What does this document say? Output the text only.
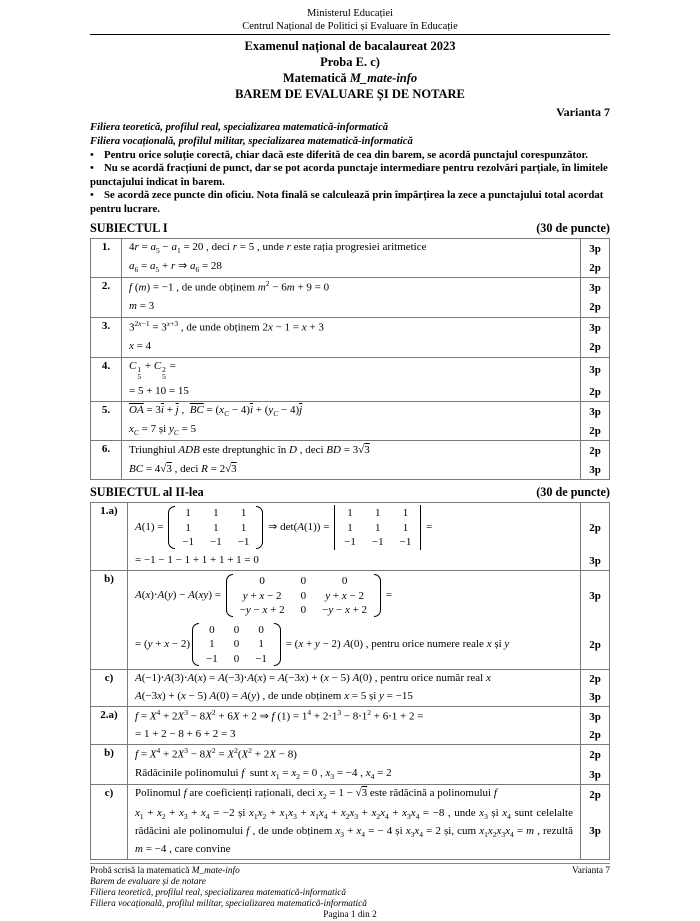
Ministerul Educației
Centrul Național de Politici și Evaluare în Educație
Examenul național de bacalaureat 2023
Proba E. c)
Matematică M_mate-info
BAREM DE EVALUARE ȘI DE NOTARE
Varianta 7
Filiera teoretică, profilul real, specializarea matematică-informatică
Filiera vocațională, profilul militar, specializarea matematică-informatică

• Pentru orice soluție corectă, chiar dacă este diferită de cea din barem, se acordă punctajul corespunzător.

• Nu se acordă fracțiuni de punct, dar se pot acorda punctaje intermediare pentru rezolvări parțiale, în limitele punctajului indicat în barem.

• Se acordă zece puncte din oficiu. Nota finală se calculează prin împărțirea la zece a punctajului total acordat pentru lucrare.

SUBIECTUL I	(30 de puncte)
1.	$4r = a_5 - a_1 = 20$ , deci r = 5 , unde r este rația progresiei aritmetice	3p
	$a_6 = a_5 + r$ ⇒ $a_6 = 28$	2p
2.	f (m) = −1 , de unde obținem $m^2 - 6m + 9 = 0$	3p
	m = 3	2p
3.	$3^{2x-1} = 3^{x+3}$ , de unde obținem 2x − 1 = x + 3	3p
	x = 4	2p
4.	C 1
5
+ C 2
5
=	3p
	= 5 + 10 = 15	2p
5.	$\overline{OA} = 3\overline{i} + \overline{j}$ ,  $\overline{BC} = (x_C - 4)\overline{i} + (y_C - 4)\overline{j}$	3p
	$x_C = 7$ și $y_C = 5$	2p
6.	Triunghiul ADB este dreptunghic în D , deci BD = 3√3	2p
	BC = 4√3 , deci R = 2√3	3p
SUBIECTUL al II-lea	(30 de puncte)
1.a)	A(1) =
1 1 1
1 1 1
−1 −1 −1
⇒ det(A(1)) =
1 1 1
1 1 1
−1 −1 −1
=	2p
	= −1 − 1 − 1 + 1 + 1 + 1 = 0	3p
b)	A(x)⋅A(y) − A(xy) =
0	0	0
y + x − 2 0 y + x − 2
−y − x + 2 0 −y − x + 2
=	3p
= (y + x − 2)
0 0 0
1 0 1
−1 0 −1
= (x + y − 2) A(0) , pentru orice numere reale x și y	2p
c)	A(−1)⋅A(3)⋅A(x) = A(−3)⋅A(x) = A(−3x) + (x − 5) A(0) , pentru orice număr real x	2p
	A(−3x) + (x − 5) A(0) = A(y) , de unde obținem x = 5 și y = −15	3p
2.a)	$f = X^4 + 2X^3 - 8X^2 + 6X + 2$ ⇒ f $(1) = 1^4 + 2\cdot 1^3 - 8\cdot 1^2 + 6\cdot 1 + 2$ =	3p
	= 1 + 2 − 8 + 6 + 2 = 3	2p
b)	$f = X^4 + 2X^3 - 8X^2 = X^2(X^2 + 2X - 8)$	2p
	Rădăcinile polinomului f  sunt $x_1 = x_2 = 0$ , $x_3 = -4$ , $x_4 = 2$	3p
c)	Polinomul f are coeficienți raționali, deci $x_2 = 1 - √3$ este rădăcină a polinomului f	2p
	$x_1 + x_2 + x_3 + x_4 = -2$ și $x_1x_2 + x_1x_3 + x_1x_4 + x_2x_3 + x_2x_4 + x_3x_4 = -8$ , unde $x_3$ și $x_4$ sunt celelalte rădăcini ale polinomului f , de unde obținem $x_3 + x_4$ = − 4 și $x_3x_4 = 2$ și, cum $x_1x_2x_3x_4 = m$ , rezultă m = −4 , care convine	3p
Probă scrisă la matematică M_mate-info	Varianta 7
Barem de evaluare și de notare
Filiera teoretică, profilul real, specializarea matematică-informatică
Filiera vocațională, profilul militar, specializarea matematică-informatică
Pagina 1 din 2
